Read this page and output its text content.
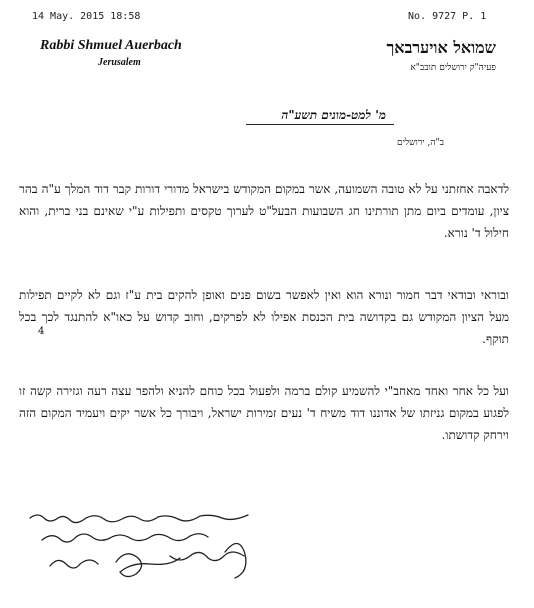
14 May. 2015 18:58	No. 9727 P. 1
Rabbi Shmuel Auerbach
Jerusalem
שמואל אויערבאך
פעיה"ק ירושלים תובב"א
מ' למט-מונים תשע"ה
ב"ה, ירושלים
לדאבה אחזתני על לא טובה השמועה, אשר במקום המקודש בישראל מדורי דורות קבר דוד המלך ע"ה בהר ציון, עומדים ביום מתן תורתינו חג השבועות הבעל"ט לערוך טקסים ותפילות ע"י שאינם בני ברית, והוא חילול ד' נורא.
ובוראי ובודאי דבר חמור ונורא הוא ואין לאפשר בשום פנים ואופן להקים בית ע"ז וגם לא לקיים תפילות מעל הציון המקודש גם בקדושה בית הכנסת אפילו לא לפרקים, וחוב קדוש על כאו"א להתנגד לכך בכל תוקף.
ועל כל אחר ואחד מאחב"י להשמיע קולם ברמה ולפעול בכל כוחם להניא ולהפר עצה רעה וגזירה קשה זו לפגוע במקום גניזתו של אדוננו דוד משיח ד' נעים זמירות ישראל, ויבורך כל אשר יקים ויעמיד המקום הזה וירחק קדושתו.
4
